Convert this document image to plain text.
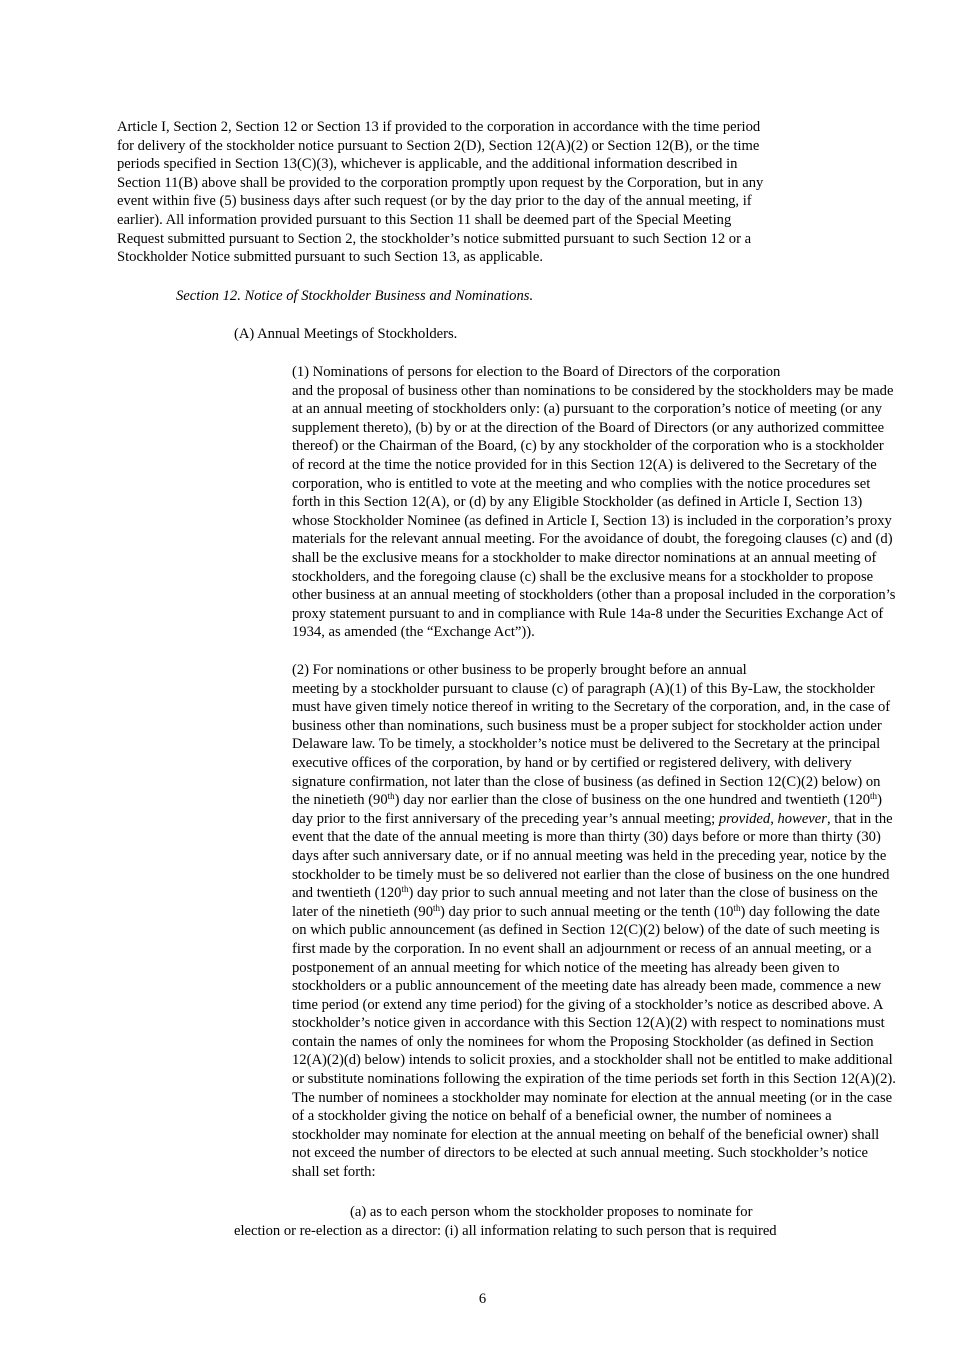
Article I, Section 2, Section 12 or Section 13 if provided to the corporation in accordance with the time period
for delivery of the stockholder notice pursuant to Section 2(D), Section 12(A)(2) or Section 12(B), or the time
periods specified in Section 13(C)(3), whichever is applicable, and the additional information described in
Section 11(B) above shall be provided to the corporation promptly upon request by the Corporation, but in any
event within five (5) business days after such request (or by the day prior to the day of the annual meeting, if
earlier). All information provided pursuant to this Section 11 shall be deemed part of the Special Meeting
Request submitted pursuant to Section 2, the stockholder’s notice submitted pursuant to such Section 12 or a
Stockholder Notice submitted pursuant to such Section 13, as applicable.

Section 12. Notice of Stockholder Business and Nominations.

(A) Annual Meetings of Stockholders.

(1) Nominations of persons for election to the Board of Directors of the corporation
and the proposal of business other than nominations to be considered by the stockholders may be made
at an annual meeting of stockholders only: (a) pursuant to the corporation’s notice of meeting (or any
supplement thereto), (b) by or at the direction of the Board of Directors (or any authorized committee
thereof) or the Chairman of the Board, (c) by any stockholder of the corporation who is a stockholder
of record at the time the notice provided for in this Section 12(A) is delivered to the Secretary of the
corporation, who is entitled to vote at the meeting and who complies with the notice procedures set
forth in this Section 12(A), or (d) by any Eligible Stockholder (as defined in Article I, Section 13)
whose Stockholder Nominee (as defined in Article I, Section 13) is included in the corporation’s proxy
materials for the relevant annual meeting. For the avoidance of doubt, the foregoing clauses (c) and (d)
shall be the exclusive means for a stockholder to make director nominations at an annual meeting of
stockholders, and the foregoing clause (c) shall be the exclusive means for a stockholder to propose
other business at an annual meeting of stockholders (other than a proposal included in the corporation’s
proxy statement pursuant to and in compliance with Rule 14a-8 under the Securities Exchange Act of
1934, as amended (the “Exchange Act”)).

(2) For nominations or other business to be properly brought before an annual
meeting by a stockholder pursuant to clause (c) of paragraph (A)(1) of this By-Law, the stockholder
must have given timely notice thereof in writing to the Secretary of the corporation, and, in the case of
business other than nominations, such business must be a proper subject for stockholder action under
Delaware law. To be timely, a stockholder’s notice must be delivered to the Secretary at the principal
executive offices of the corporation, by hand or by certified or registered delivery, with delivery
signature confirmation, not later than the close of business (as defined in Section 12(C)(2) below) on
the ninetieth (90th) day nor earlier than the close of business on the one hundred and twentieth (120th)
day prior to the first anniversary of the preceding year’s annual meeting; provided, however, that in the
event that the date of the annual meeting is more than thirty (30) days before or more than thirty (30)
days after such anniversary date, or if no annual meeting was held in the preceding year, notice by the
stockholder to be timely must be so delivered not earlier than the close of business on the one hundred
and twentieth (120th) day prior to such annual meeting and not later than the close of business on the
later of the ninetieth (90th) day prior to such annual meeting or the tenth (10th) day following the date
on which public announcement (as defined in Section 12(C)(2) below) of the date of such meeting is
first made by the corporation. In no event shall an adjournment or recess of an annual meeting, or a
postponement of an annual meeting for which notice of the meeting has already been given to
stockholders or a public announcement of the meeting date has already been made, commence a new
time period (or extend any time period) for the giving of a stockholder’s notice as described above. A
stockholder’s notice given in accordance with this Section 12(A)(2) with respect to nominations must
contain the names of only the nominees for whom the Proposing Stockholder (as defined in Section
12(A)(2)(d) below) intends to solicit proxies, and a stockholder shall not be entitled to make additional
or substitute nominations following the expiration of the time periods set forth in this Section 12(A)(2).
The number of nominees a stockholder may nominate for election at the annual meeting (or in the case
of a stockholder giving the notice on behalf of a beneficial owner, the number of nominees a
stockholder may nominate for election at the annual meeting on behalf of the beneficial owner) shall
not exceed the number of directors to be elected at such annual meeting. Such stockholder’s notice
shall set forth:

(a) as to each person whom the stockholder proposes to nominate for
election or re-election as a director: (i) all information relating to such person that is required

6
